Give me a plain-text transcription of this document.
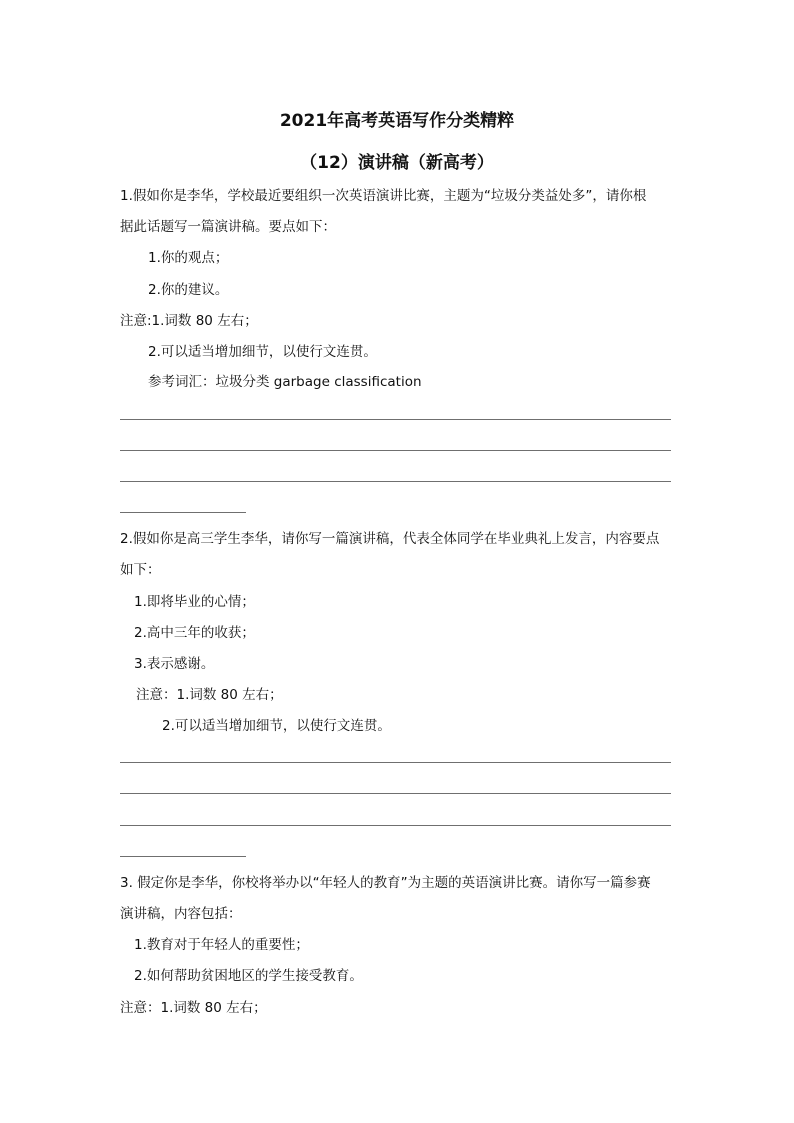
2021年高考英语写作分类精粹
（12）演讲稿（新高考）

1.假如你是李华，学校最近要组织一次英语演讲比赛，主题为“垃圾分类益处多”，请你根

据此话题写一篇演讲稿。要点如下：

1.你的观点；

2.你的建议。

注意:1.词数 80 左右；

2.可以适当增加细节，以使行文连贯。

参考词汇：垃圾分类 garbage classification

2.假如你是高三学生李华，请你写一篇演讲稿，代表全体同学在毕业典礼上发言，内容要点

如下：

1.即将毕业的心情；

2.高中三年的收获；

3.表示感谢。

注意：1.词数 80 左右；

2.可以适当增加细节，以使行文连贯。

3. 假定你是李华，你校将举办以“年轻人的教育”为主题的英语演讲比赛。请你写一篇参赛

演讲稿，内容包括：

1.教育对于年轻人的重要性；

2.如何帮助贫困地区的学生接受教育。

注意：1.词数 80 左右；
